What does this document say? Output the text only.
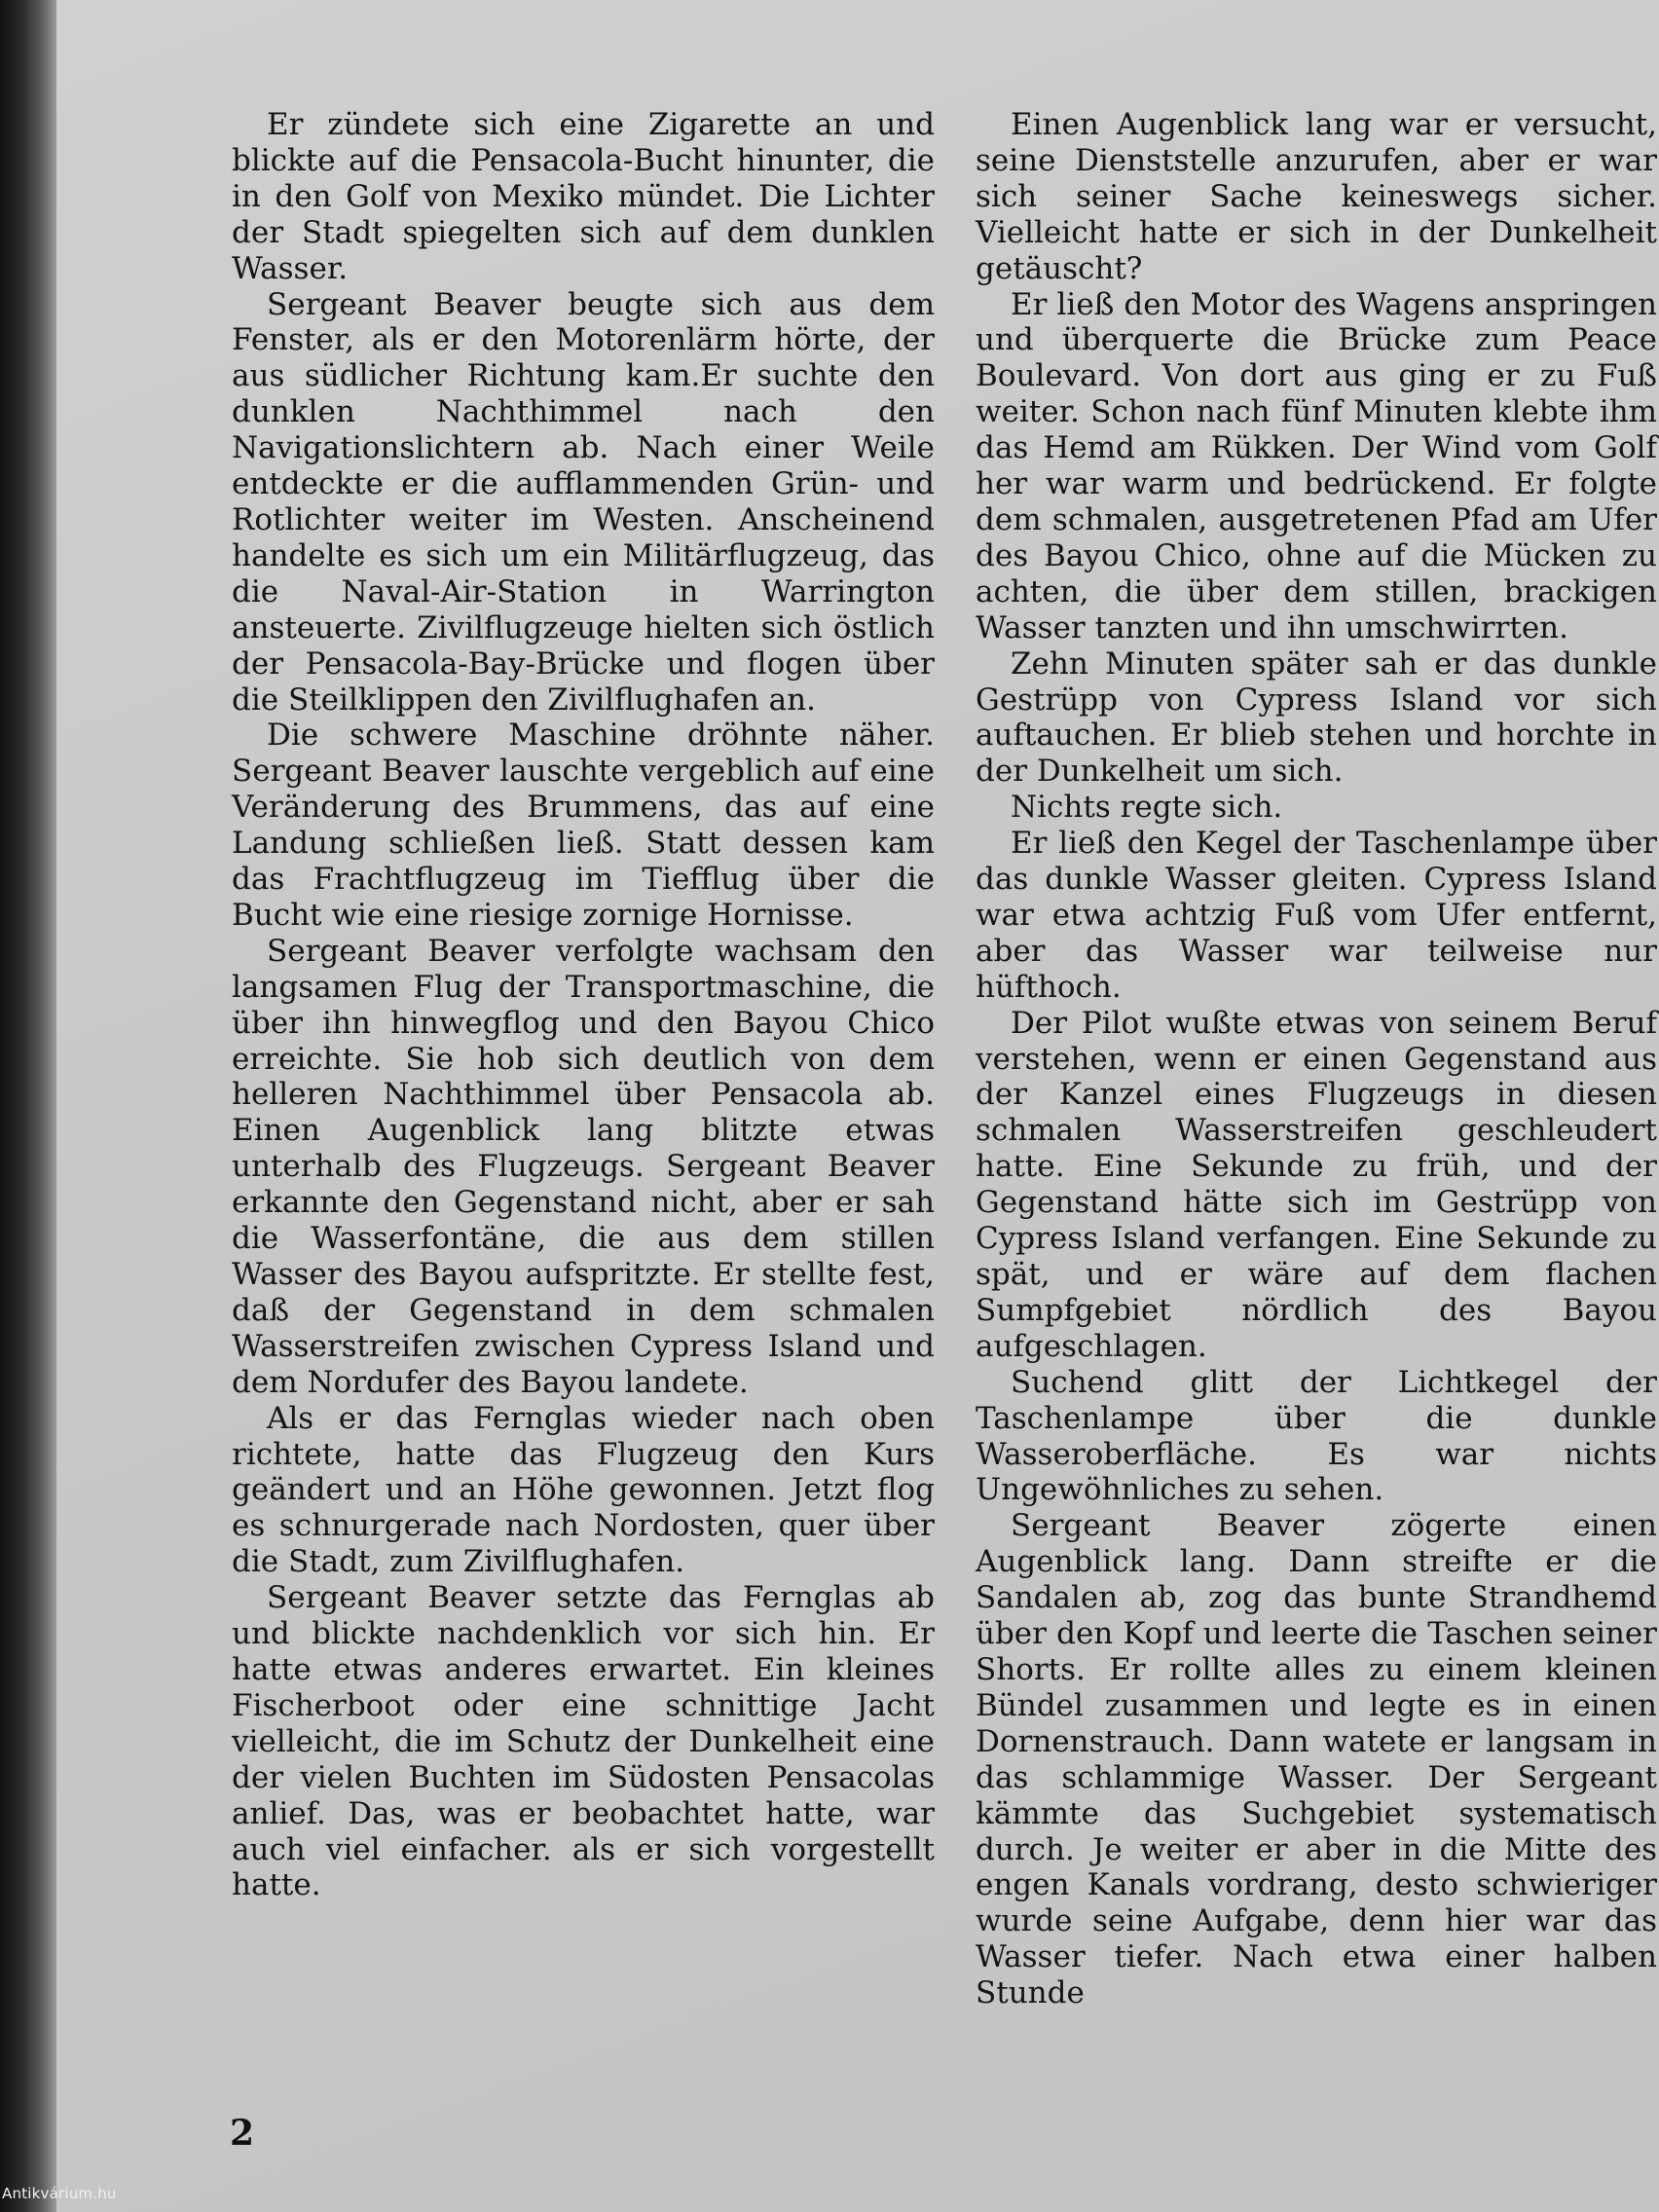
Er zündete sich eine Zigarette an und blickte auf die Pensacola-Bucht hinunter, die in den Golf von Mexiko mündet. Die Lichter der Stadt spiegelten sich auf dem dunklen Wasser.

Sergeant Beaver beugte sich aus dem Fenster, als er den Motorenlärm hörte, der aus südlicher Richtung kam.Er suchte den dunklen Nachthimmel nach den Navigationslichtern ab. Nach einer Weile entdeckte er die aufflammenden Grün- und Rotlichter weiter im Westen. Anscheinend handelte es sich um ein Militärflugzeug, das die Naval-Air-Station in Warrington ansteuerte. Zivilflugzeuge hielten sich östlich der Pensacola-Bay-Brücke und flogen über die Steilklippen den Zivilflughafen an.

Die schwere Maschine dröhnte näher. Sergeant Beaver lauschte vergeblich auf eine Veränderung des Brummens, das auf eine Landung schließen ließ. Statt dessen kam das Frachtflugzeug im Tiefflug über die Bucht wie eine riesige zornige Hornisse.

Sergeant Beaver verfolgte wachsam den langsamen Flug der Transportmaschine, die über ihn hinwegflog und den Bayou Chico erreichte. Sie hob sich deutlich von dem helleren Nachthimmel über Pensacola ab. Einen Augenblick lang blitzte etwas unterhalb des Flugzeugs. Sergeant Beaver erkannte den Gegenstand nicht, aber er sah die Wasserfontäne, die aus dem stillen Wasser des Bayou aufspritzte. Er stellte fest, daß der Gegenstand in dem schmalen Wasserstreifen zwischen Cypress Island und dem Nordufer des Bayou landete.

Als er das Fernglas wieder nach oben richtete, hatte das Flugzeug den Kurs geändert und an Höhe gewonnen. Jetzt flog es schnurgerade nach Nordosten, quer über die Stadt, zum Zivilflughafen.

Sergeant Beaver setzte das Fernglas ab und blickte nachdenklich vor sich hin. Er hatte etwas anderes erwartet. Ein kleines Fischerboot oder eine schnittige Jacht vielleicht, die im Schutz der Dunkelheit eine der vielen Buchten im Südosten Pensacolas anlief. Das, was er beobachtet hatte, war auch viel einfacher. als er sich vorgestellt hatte.

Einen Augenblick lang war er versucht, seine Dienststelle anzurufen, aber er war sich seiner Sache keineswegs sicher. Vielleicht hatte er sich in der Dunkelheit getäuscht?

Er ließ den Motor des Wagens anspringen und überquerte die Brücke zum Peace Boulevard. Von dort aus ging er zu Fuß weiter. Schon nach fünf Minuten klebte ihm das Hemd am Rükken. Der Wind vom Golf her war warm und bedrückend. Er folgte dem schmalen, ausgetretenen Pfad am Ufer des Bayou Chico, ohne auf die Mücken zu achten, die über dem stillen, brackigen Wasser tanzten und ihn umschwirrten.

Zehn Minuten später sah er das dunkle Gestrüpp von Cypress Island vor sich auftauchen. Er blieb stehen und horchte in der Dunkelheit um sich.

Nichts regte sich.

Er ließ den Kegel der Taschenlampe über das dunkle Wasser gleiten. Cypress Island war etwa achtzig Fuß vom Ufer entfernt, aber das Wasser war teilweise nur hüfthoch.

Der Pilot wußte etwas von seinem Beruf verstehen, wenn er einen Gegenstand aus der Kanzel eines Flugzeugs in diesen schmalen Wasserstreifen geschleudert hatte. Eine Sekunde zu früh, und der Gegenstand hätte sich im Gestrüpp von Cypress Island verfangen. Eine Sekunde zu spät, und er wäre auf dem flachen Sumpfgebiet nördlich des Bayou aufgeschlagen.

Suchend glitt der Lichtkegel der Taschenlampe über die dunkle Wasseroberfläche. Es war nichts Ungewöhnliches zu sehen.

Sergeant Beaver zögerte einen Augenblick lang. Dann streifte er die Sandalen ab, zog das bunte Strandhemd über den Kopf und leerte die Taschen seiner Shorts. Er rollte alles zu einem kleinen Bündel zusammen und legte es in einen Dornenstrauch. Dann watete er langsam in das schlammige Wasser. Der Sergeant kämmte das Suchgebiet systematisch durch. Je weiter er aber in die Mitte des engen Kanals vordrang, desto schwieriger wurde seine Aufgabe, denn hier war das Wasser tiefer. Nach etwa einer halben Stunde

2
Antikvárium.hu
